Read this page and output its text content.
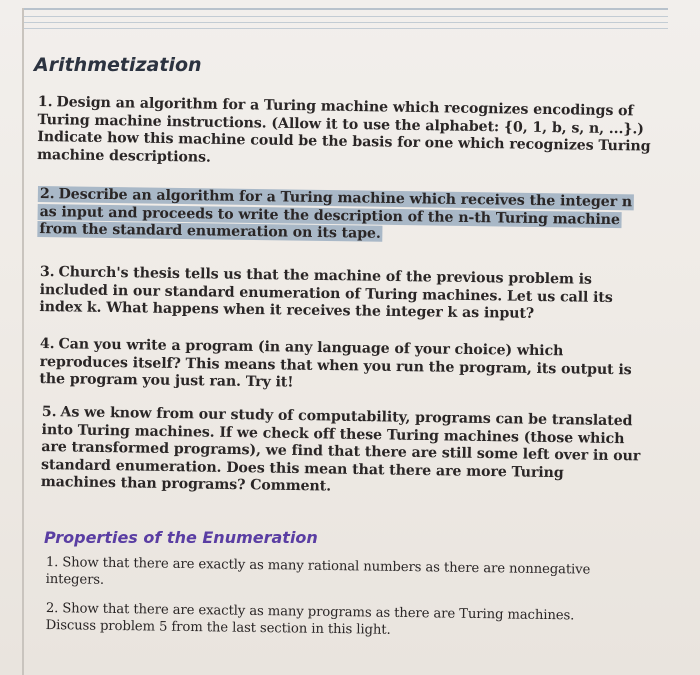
Arithmetization

1. Design an algorithm for a Turing machine which recognizes encodings of Turing machine instructions. (Allow it to use the alphabet: {0, 1, b, s, n, ...}.) Indicate how this machine could be the basis for one which recognizes Turing machine descriptions.

2. Describe an algorithm for a Turing machine which receives the integer n as input and proceeds to write the description of the n-th Turing machine from the standard enumeration on its tape.

3. Church's thesis tells us that the machine of the previous problem is included in our standard enumeration of Turing machines. Let us call its index k. What happens when it receives the integer k as input?

4. Can you write a program (in any language of your choice) which reproduces itself? This means that when you run the program, its output is the program you just ran. Try it!

5. As we know from our study of computability, programs can be translated into Turing machines. If we check off these Turing machines (those which are transformed programs), we find that there are still some left over in our standard enumeration. Does this mean that there are more Turing machines than programs? Comment.

Properties of the Enumeration

1. Show that there are exactly as many rational numbers as there are nonnegative integers.

2. Show that there are exactly as many programs as there are Turing machines. Discuss problem 5 from the last section in this light.
